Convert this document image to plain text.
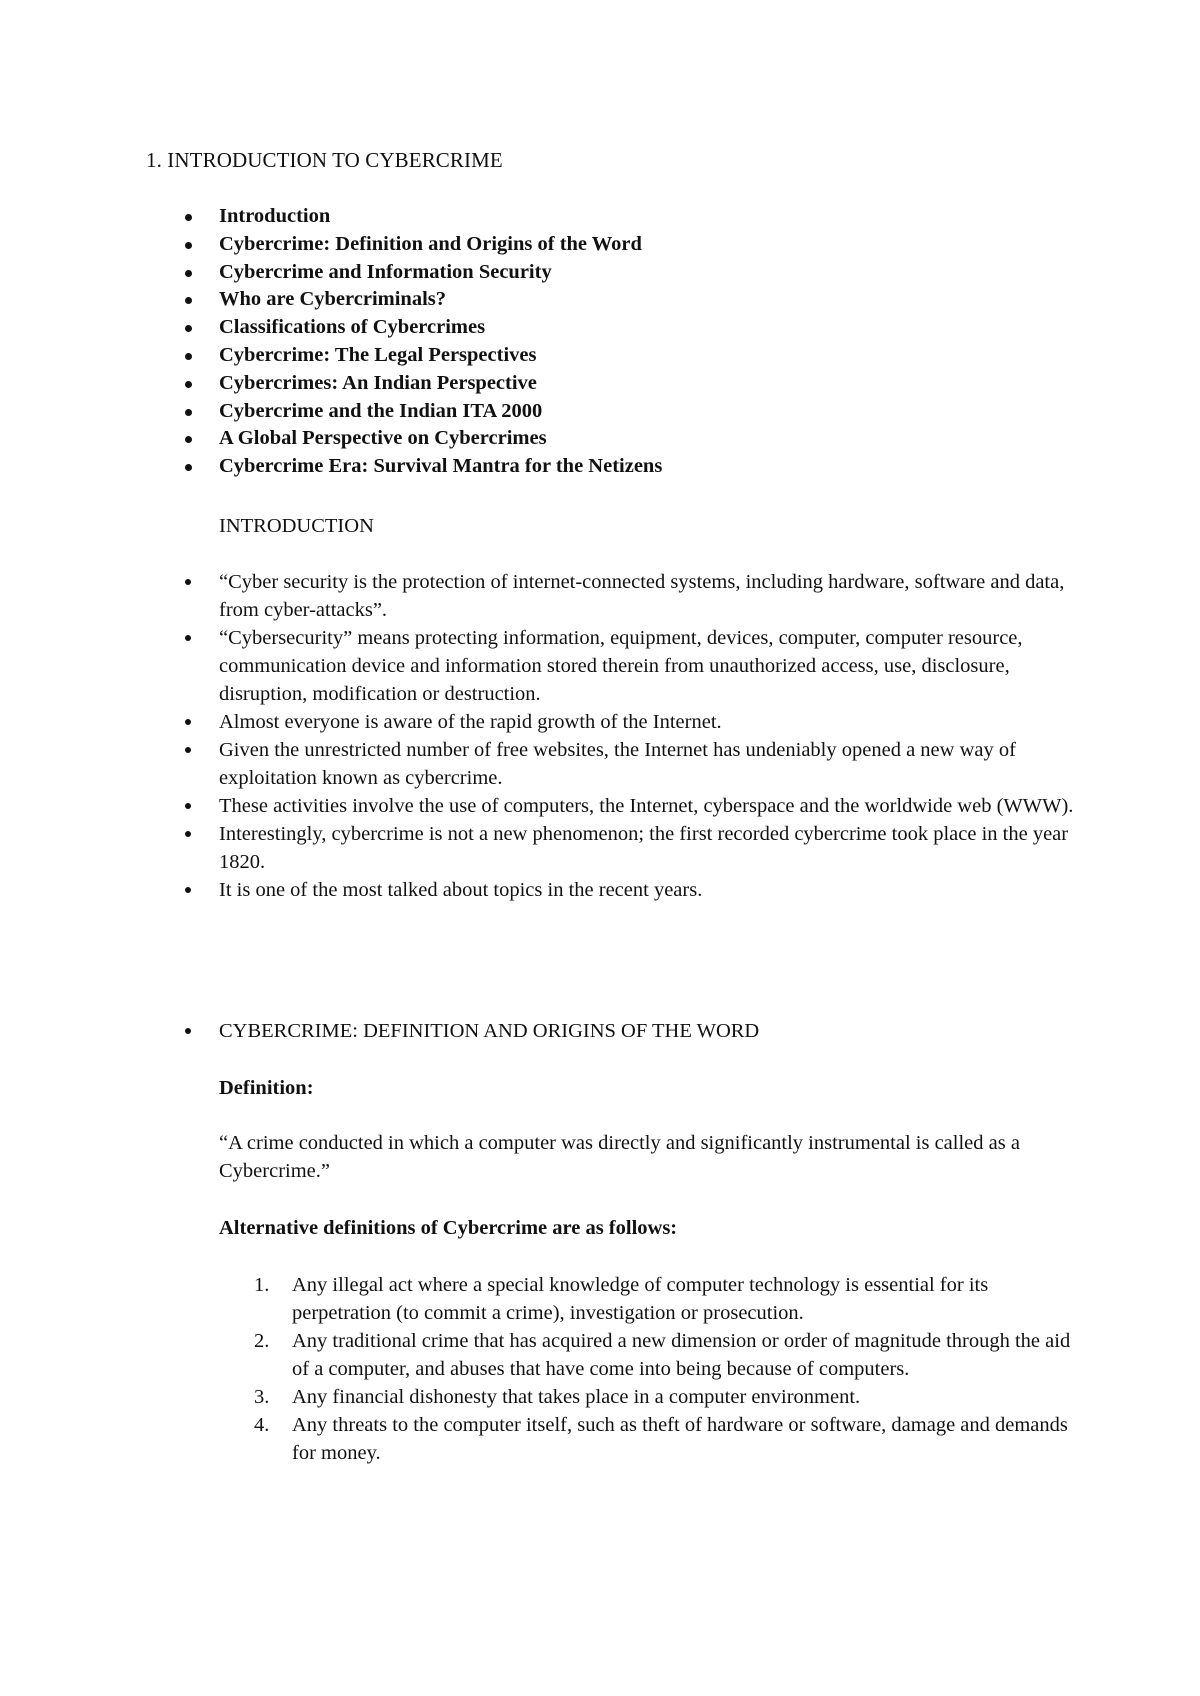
1. INTRODUCTION TO CYBERCRIME
Introduction
Cybercrime: Definition and Origins of the Word
Cybercrime and Information Security
Who are Cybercriminals?
Classifications of Cybercrimes
Cybercrime: The Legal Perspectives
Cybercrimes: An Indian Perspective
Cybercrime and the Indian ITA 2000
A Global Perspective on Cybercrimes
Cybercrime Era: Survival Mantra for the Netizens
INTRODUCTION
“Cyber security is the protection of internet-connected systems, including hardware, software and data, from cyber-attacks”.
“Cybersecurity” means protecting information, equipment, devices, computer, computer resource, communication device and information stored therein from unauthorized access, use, disclosure, disruption, modification or destruction.
Almost everyone is aware of the rapid growth of the Internet.
Given the unrestricted number of free websites, the Internet has undeniably opened a new way of exploitation known as cybercrime.
These activities involve the use of computers, the Internet, cyberspace and the worldwide web (WWW).
Interestingly, cybercrime is not a new phenomenon; the first recorded cybercrime took place in the year 1820.
It is one of the most talked about topics in the recent years.
CYBERCRIME: DEFINITION AND ORIGINS OF THE WORD
Definition:
“A crime conducted in which a computer was directly and significantly instrumental is called as a Cybercrime.”
Alternative definitions of Cybercrime are as follows:
1. Any illegal act where a special knowledge of computer technology is essential for its perpetration (to commit a crime), investigation or prosecution.
2. Any traditional crime that has acquired a new dimension or order of magnitude through the aid of a computer, and abuses that have come into being because of computers.
3. Any financial dishonesty that takes place in a computer environment.
4. Any threats to the computer itself, such as theft of hardware or software, damage and demands for money.
